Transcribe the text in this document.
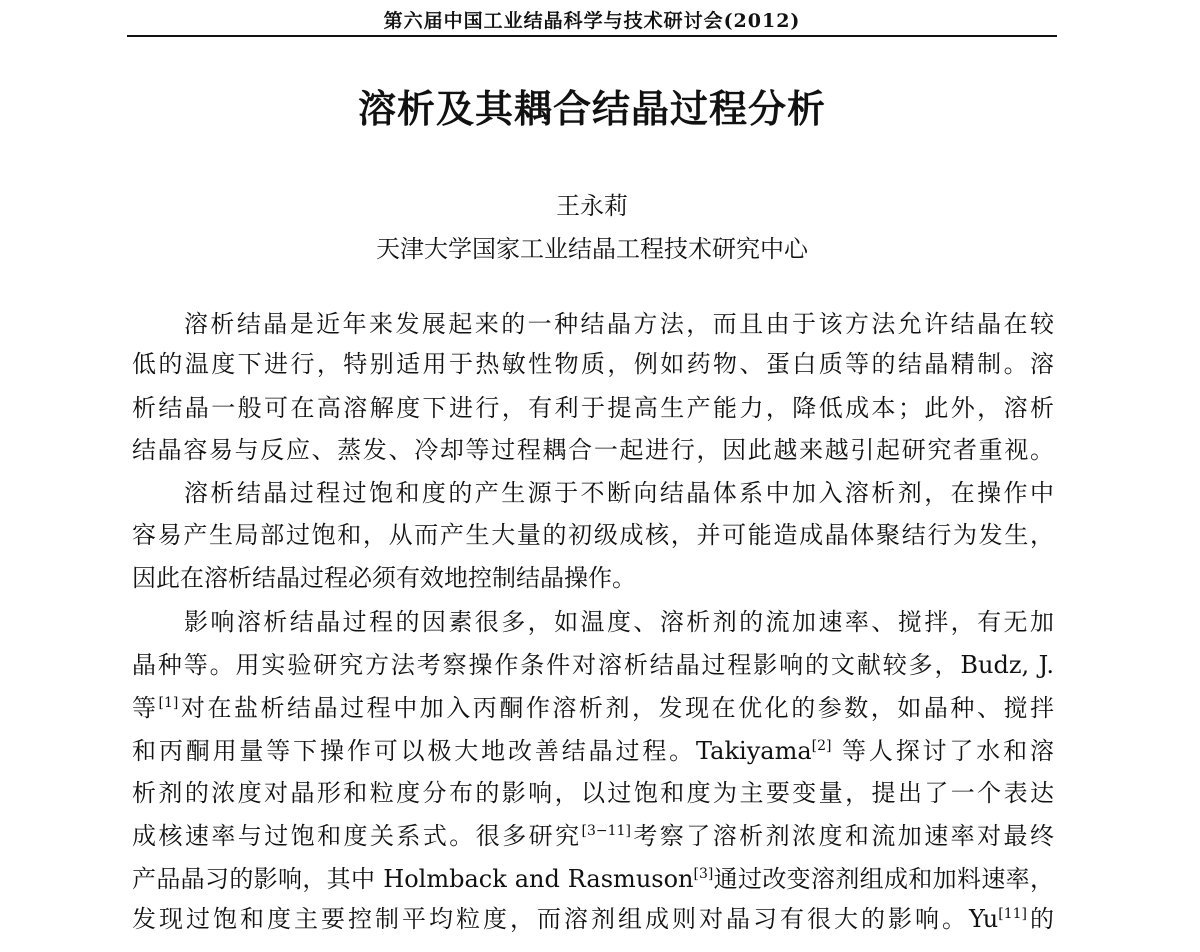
第六届中国工业结晶科学与技术研讨会(2012)
溶析及其耦合结晶过程分析
王永莉
天津大学国家工业结晶工程技术研究中心
溶析结晶是近年来发展起来的一种结晶方法，而且由于该方法允许结晶在较
低的温度下进行，特别适用于热敏性物质，例如药物、蛋白质等的结晶精制。溶
析结晶一般可在高溶解度下进行，有利于提高生产能力，降低成本；此外，溶析
结晶容易与反应、蒸发、冷却等过程耦合一起进行，因此越来越引起研究者重视。
溶析结晶过程过饱和度的产生源于不断向结晶体系中加入溶析剂，在操作中
容易产生局部过饱和，从而产生大量的初级成核，并可能造成晶体聚结行为发生，
因此在溶析结晶过程必须有效地控制结晶操作。
影响溶析结晶过程的因素很多，如温度、溶析剂的流加速率、搅拌，有无加
晶种等。用实验研究方法考察操作条件对溶析结晶过程影响的文献较多，Budz, J.
等[1]对在盐析结晶过程中加入丙酮作溶析剂，发现在优化的参数，如晶种、搅拌
和丙酮用量等下操作可以极大地改善结晶过程。Takiyama[2] 等人探讨了水和溶
析剂的浓度对晶形和粒度分布的影响，以过饱和度为主要变量，提出了一个表达
成核速率与过饱和度关系式。很多研究[3−11]考察了溶析剂浓度和流加速率对最终
产品晶习的影响，其中 Holmback and Rasmuson[3]通过改变溶剂组成和加料速率，
发现过饱和度主要控制平均粒度，而溶剂组成则对晶习有很大的影响。Yu[11]的
